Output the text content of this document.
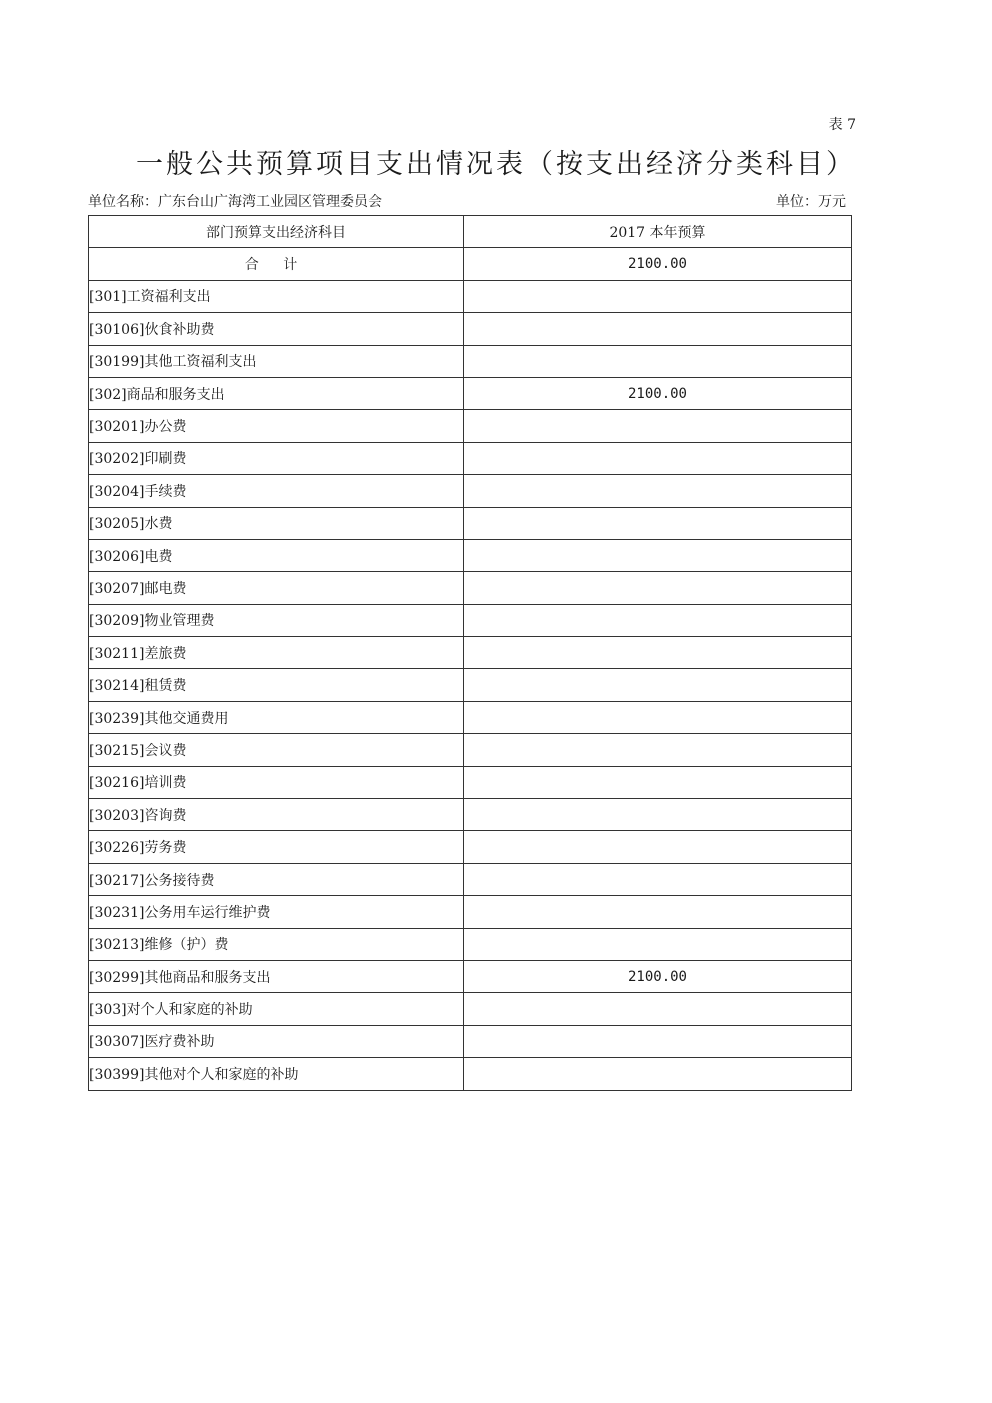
表 7
一般公共预算项目支出情况表（按支出经济分类科目）
单位名称：广东台山广海湾工业园区管理委员会	单位：万元
部门预算支出经济科目	2017 本年预算
合 计	2100.00
[301]工资福利支出	
[30106]伙食补助费	
[30199]其他工资福利支出	
[302]商品和服务支出	2100.00
[30201]办公费	
[30202]印刷费	
[30204]手续费	
[30205]水费	
[30206]电费	
[30207]邮电费	
[30209]物业管理费	
[30211]差旅费	
[30214]租赁费	
[30239]其他交通费用	
[30215]会议费	
[30216]培训费	
[30203]咨询费	
[30226]劳务费	
[30217]公务接待费	
[30231]公务用车运行维护费	
[30213]维修（护）费	
[30299]其他商品和服务支出	2100.00
[303]对个人和家庭的补助	
[30307]医疗费补助	
[30399]其他对个人和家庭的补助	
